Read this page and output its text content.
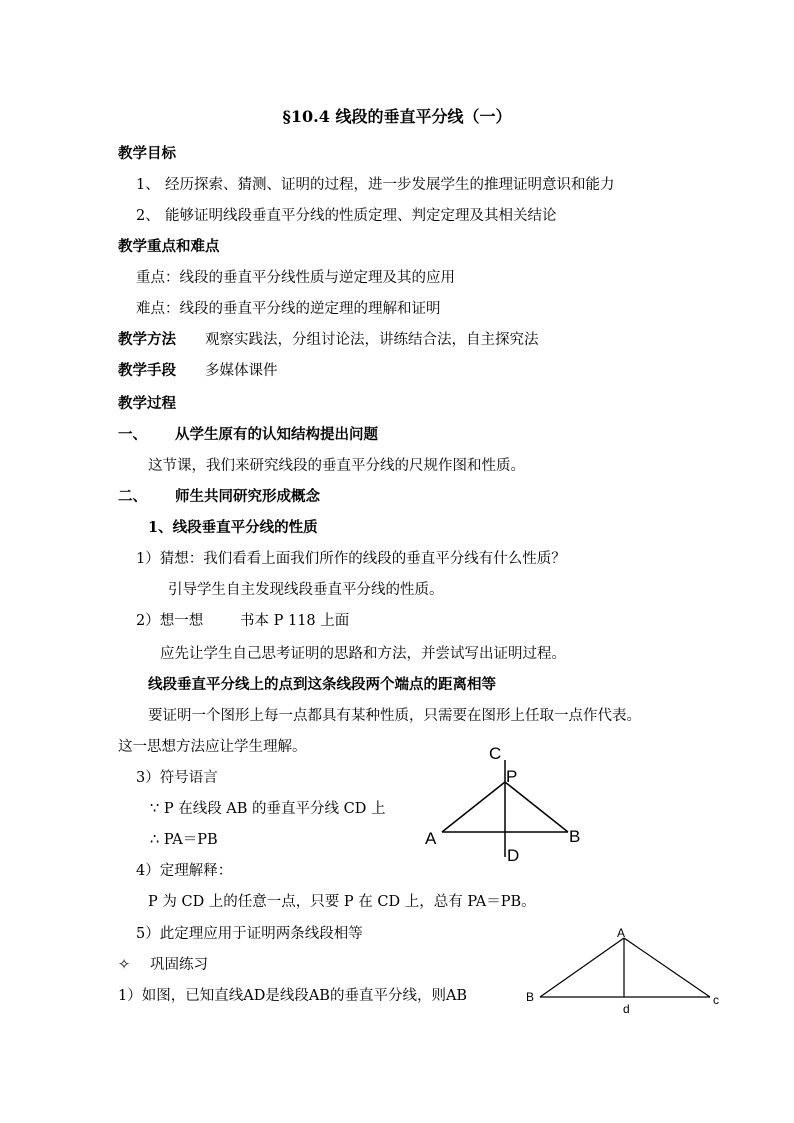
§10.4 线段的垂直平分线（一）
教学目标
1、 经历探索、猜测、证明的过程，进一步发展学生的推理证明意识和能力
2、 能够证明线段垂直平分线的性质定理、判定定理及其相关结论
教学重点和难点
重点：线段的垂直平分线性质与逆定理及其的应用
难点：线段的垂直平分线的逆定理的理解和证明
教学方法 观察实践法，分组讨论法，讲练结合法，自主探究法
教学手段 多媒体课件
教学过程
一、 从学生原有的认知结构提出问题
这节课，我们来研究线段的垂直平分线的尺规作图和性质。
二、 师生共同研究形成概念
1、线段垂直平分线的性质
1）猜想：我们看看上面我们所作的线段的垂直平分线有什么性质？
引导学生自主发现线段垂直平分线的性质。
2）想一想	书本 P 118 上面
应先让学生自己思考证明的思路和方法，并尝试写出证明过程。
线段垂直平分线上的点到这条线段两个端点的距离相等
要证明一个图形上每一点都具有某种性质，只需要在图形上任取一点作代表。
这一思想方法应让学生理解。
3）符号语言
∵ P 在线段 AB 的垂直平分线 CD 上
∴ PA＝PB
4）定理解释：
P 为 CD 上的任意一点，只要 P 在 CD 上，总有 PA＝PB。
5）此定理应用于证明两条线段相等
✧ 巩固练习
1）如图，已知直线AD是线段AB的垂直平分线，则AB
C
P
A	B
D
A
B	c
d
